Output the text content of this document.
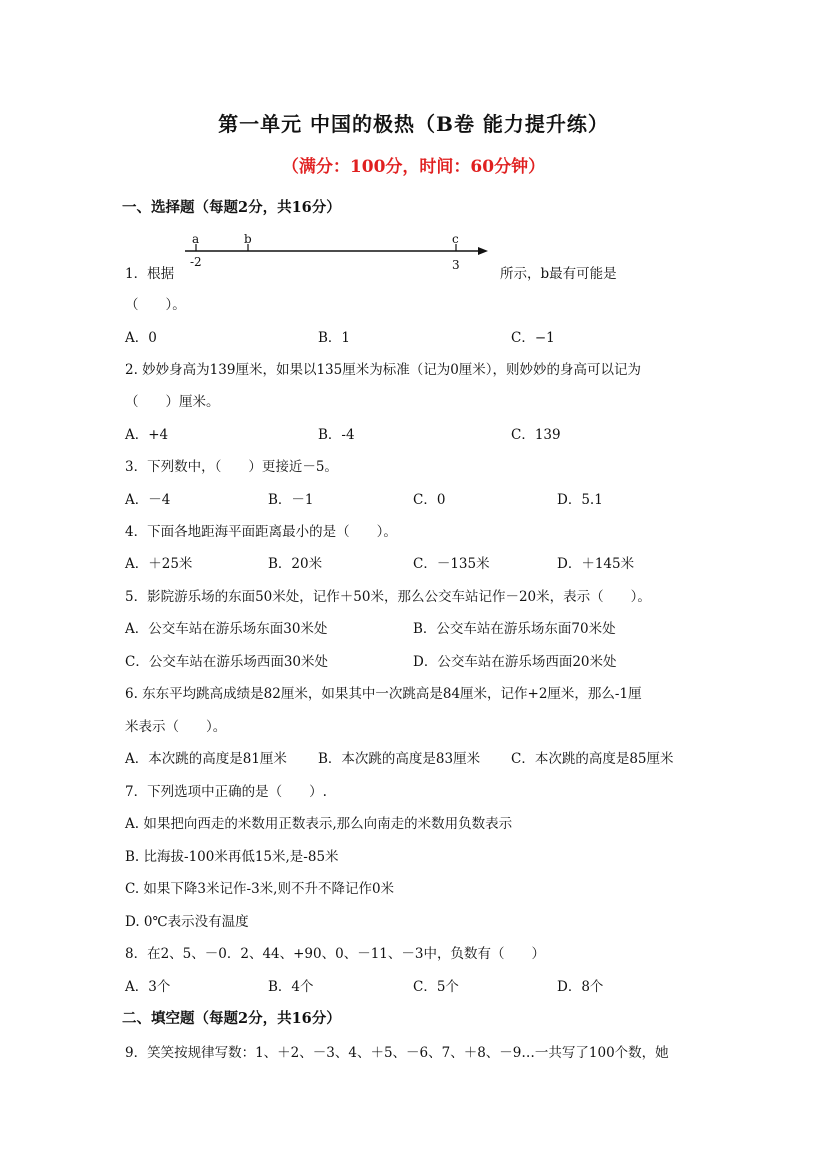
第一单元 中国的极热（B卷 能力提升练）
（满分：100分，时间：60分钟）
一、选择题（每题2分，共16分）
1．根据
a	b	c
-2	3
所示，b最有可能是
（　　）。
A．0	B．1	C．−1
2. 妙妙身高为139厘米，如果以135厘米为标准（记为0厘米），则妙妙的身高可以记为
（　　）厘米。
A．+4	B．-4	C．139
3．下列数中，（　　）更接近－5。
A．－4	B．－1	C．0	D．5.1
4．下面各地距海平面距离最小的是（　　）。
A．＋25米	B．20米	C．－135米	D．＋145米
5．影院游乐场的东面50米处，记作＋50米，那么公交车站记作－20米，表示（　　）。
A．公交车站在游乐场东面30米处	B．公交车站在游乐场东面70米处
C．公交车站在游乐场西面30米处	D．公交车站在游乐场西面20米处
6. 东东平均跳高成绩是82厘米，如果其中一次跳高是84厘米，记作+2厘米，那么-1厘
米表示（　　）。
A．本次跳的高度是81厘米 B．本次跳的高度是83厘米 C．本次跳的高度是85厘米
7．下列选项中正确的是（　　）.
A. 如果把向西走的米数用正数表示,那么向南走的米数用负数表示
B. 比海拔-100米再低15米,是-85米
C. 如果下降3米记作-3米,则不升不降记作0米
D. 0℃表示没有温度
8．在2、5、－0．2、44、+90、0、－11、－3中，负数有（　　）
A．3个	B．4个	C．5个	D．8个
二、填空题（每题2分，共16分）
9．笑笑按规律写数：1、＋2、－3、4、＋5、－6、7、＋8、－9…一共写了100个数，她
